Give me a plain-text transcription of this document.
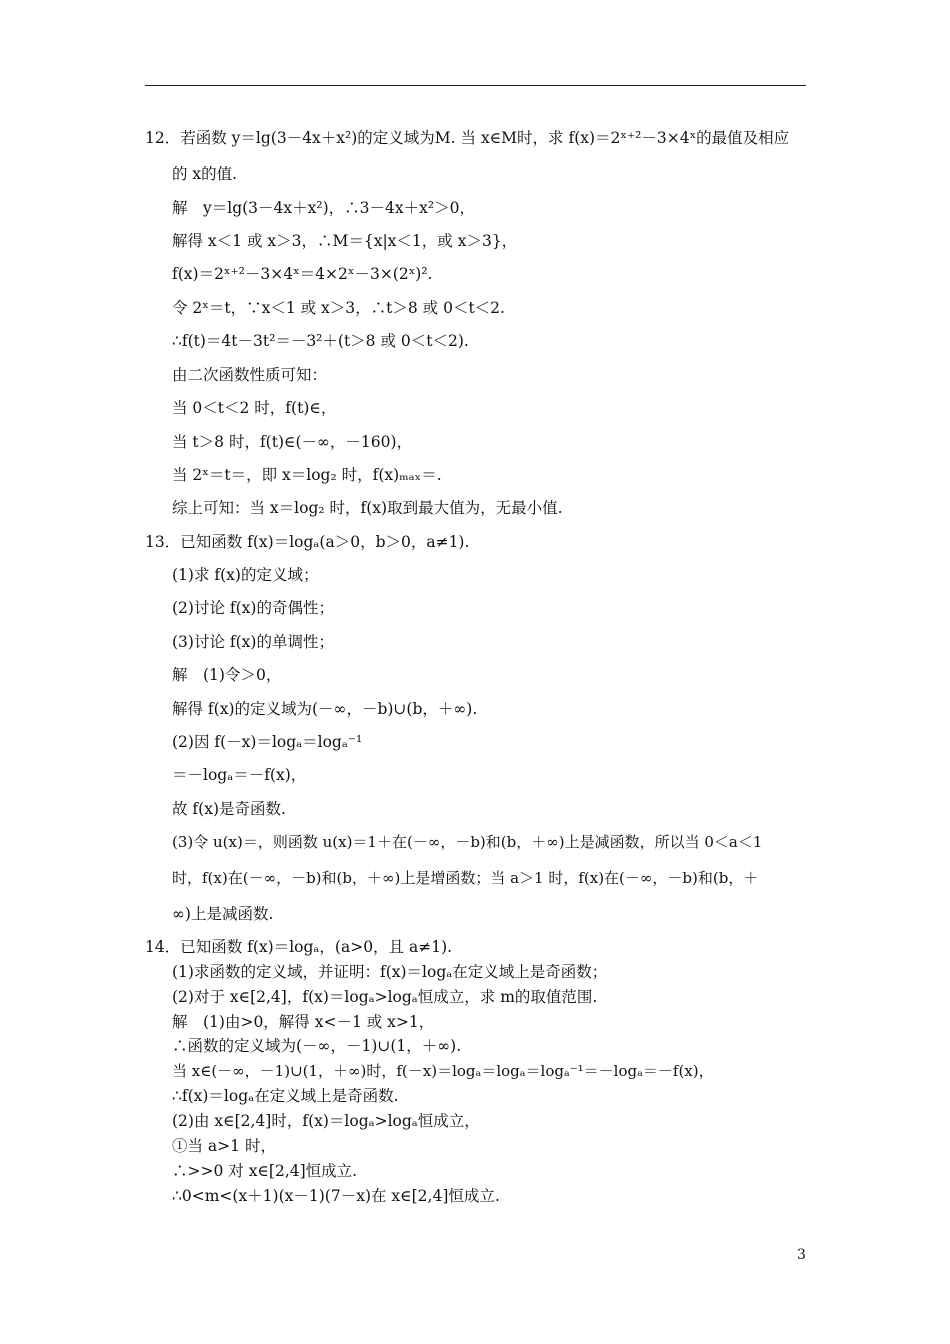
12．若函数 y＝lg(3－4x＋x²)的定义域为M. 当 x∈M时，求 f(x)＝2ˣ⁺²－3×4ˣ的最值及相应
的 x的值.
解　y＝lg(3－4x＋x²)，∴3－4x＋x²＞0，
解得 x＜1 或 x＞3，∴M＝{x|x＜1，或 x＞3}，
f(x)＝2ˣ⁺²－3×4ˣ＝4×2ˣ－3×(2ˣ)².
令 2ˣ＝t，∵x＜1 或 x＞3，∴t＞8 或 0＜t＜2.
∴f(t)＝4t－3t²＝－3²＋(t＞8 或 0＜t＜2).
由二次函数性质可知：
当 0＜t＜2 时，f(t)∈，
当 t＞8 时，f(t)∈(－∞，－160)，
当 2ˣ＝t＝，即 x＝log₂ 时，f(x)ₘₐₓ＝.
综上可知：当 x＝log₂ 时，f(x)取到最大值为，无最小值.
13．已知函数 f(x)＝logₐ(a＞0，b＞0，a≠1).
(1)求 f(x)的定义域；
(2)讨论 f(x)的奇偶性；
(3)讨论 f(x)的单调性；
解　(1)令＞0，
解得 f(x)的定义域为(－∞，－b)∪(b，＋∞).
(2)因 f(－x)＝logₐ＝logₐ⁻¹
＝－logₐ＝－f(x)，
故 f(x)是奇函数.
(3)令 u(x)＝，则函数 u(x)＝1＋在(－∞，－b)和(b，＋∞)上是减函数，所以当 0＜a＜1
时，f(x)在(－∞，－b)和(b，＋∞)上是增函数；当 a＞1 时，f(x)在(－∞，－b)和(b，＋
∞)上是减函数.
14．已知函数 f(x)＝logₐ，(a>0，且 a≠1).
(1)求函数的定义域，并证明：f(x)＝logₐ在定义域上是奇函数；
(2)对于 x∈[2,4]，f(x)＝logₐ>logₐ恒成立，求 m的取值范围.
解　(1)由>0，解得 x<－1 或 x>1，
∴函数的定义域为(－∞，－1)∪(1，＋∞).
当 x∈(－∞，－1)∪(1，＋∞)时，f(－x)＝logₐ＝logₐ＝logₐ⁻¹＝－logₐ＝－f(x)，
∴f(x)＝logₐ在定义域上是奇函数.
(2)由 x∈[2,4]时，f(x)＝logₐ>logₐ恒成立，
①当 a>1 时，
∴>>0 对 x∈[2,4]恒成立.
∴0<m<(x＋1)(x－1)(7－x)在 x∈[2,4]恒成立.
3
